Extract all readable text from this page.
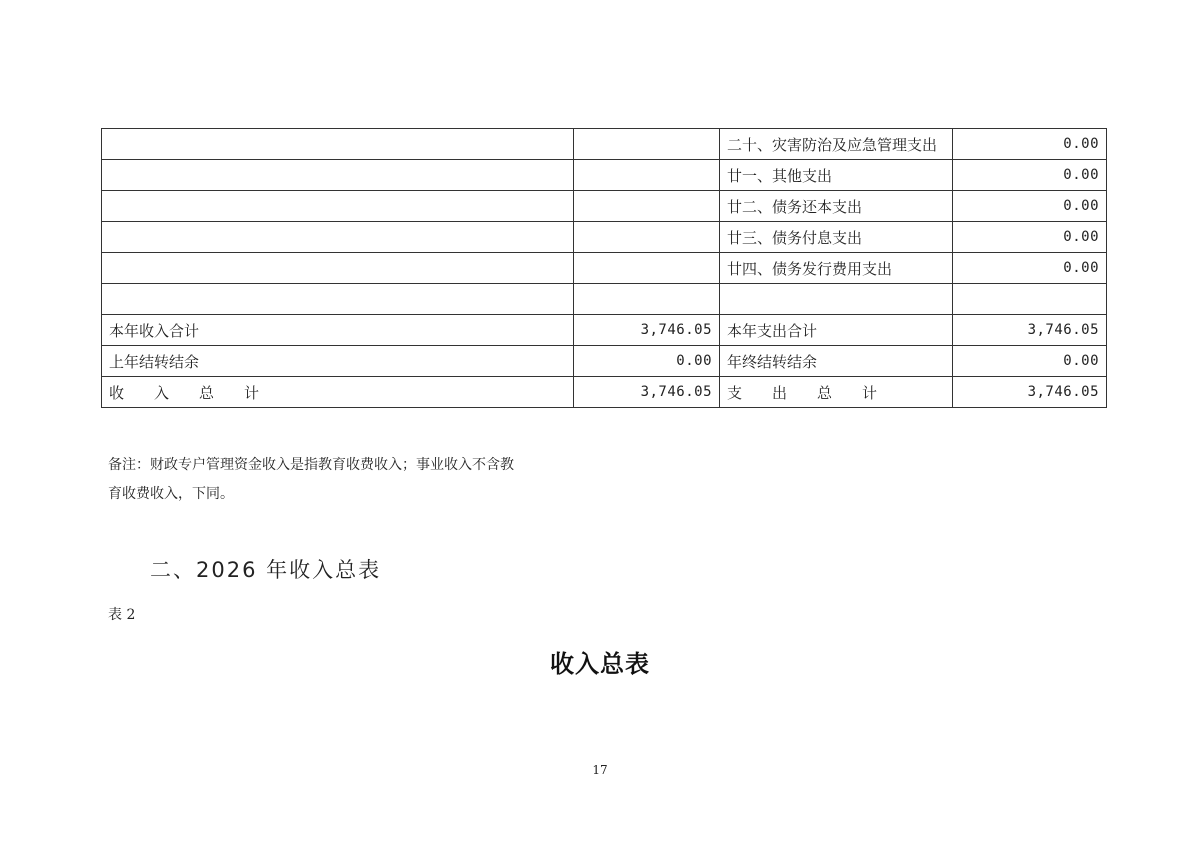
		二十、灾害防治及应急管理支出	0.00
		廿一、其他支出	0.00
		廿二、债务还本支出	0.00
		廿三、债务付息支出	0.00
		廿四、债务发行费用支出	0.00

本年收入合计	3,746.05	本年支出合计	3,746.05
上年结转结余	0.00	年终结转结余	0.00

收 入 总 计	3,746.05	支 出 总 计	3,746.05
备注：财政专户管理资金收入是指教育收费收入；事业收入不含教
育收费收入，下同。
二、2026 年收入总表
表 2
收入总表
17
